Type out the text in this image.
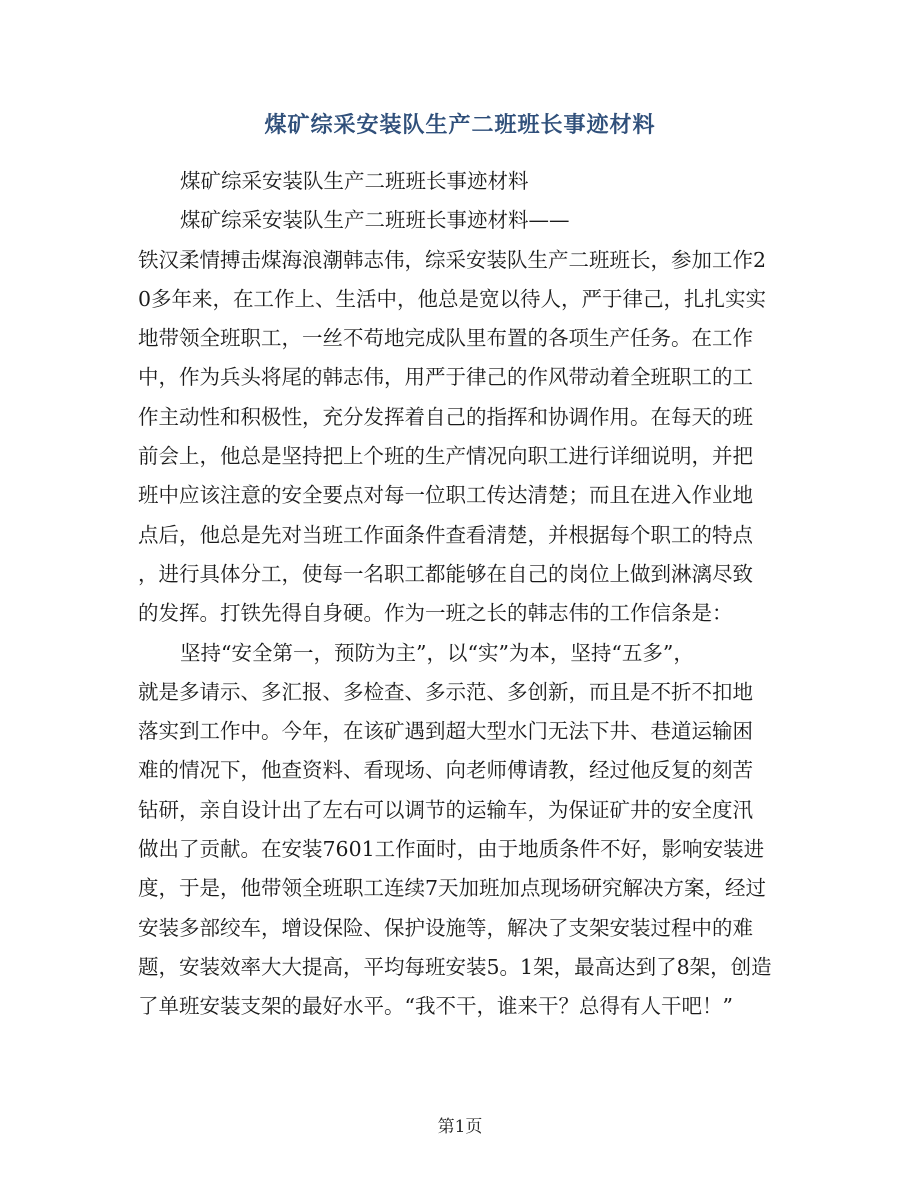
煤矿综采安装队生产二班班长事迹材料
煤矿综采安装队生产二班班长事迹材料
煤矿综采安装队生产二班班长事迹材料——
铁汉柔情搏击煤海浪潮韩志伟，综采安装队生产二班班长，参加工作2
0多年来，在工作上、生活中，他总是宽以待人，严于律己，扎扎实实
地带领全班职工，一丝不苟地完成队里布置的各项生产任务。在工作
中，作为兵头将尾的韩志伟，用严于律己的作风带动着全班职工的工
作主动性和积极性，充分发挥着自己的指挥和协调作用。在每天的班
前会上，他总是坚持把上个班的生产情况向职工进行详细说明，并把
班中应该注意的安全要点对每一位职工传达清楚；而且在进入作业地
点后，他总是先对当班工作面条件查看清楚，并根据每个职工的特点
，进行具体分工，使每一名职工都能够在自己的岗位上做到淋漓尽致
的发挥。打铁先得自身硬。作为一班之长的韩志伟的工作信条是：
坚持“安全第一，预防为主”，以“实”为本，坚持“五多”，
就是多请示、多汇报、多检查、多示范、多创新，而且是不折不扣地
落实到工作中。今年，在该矿遇到超大型水门无法下井、巷道运输困
难的情况下，他查资料、看现场、向老师傅请教，经过他反复的刻苦
钻研，亲自设计出了左右可以调节的运输车，为保证矿井的安全度汛
做出了贡献。在安装7601工作面时，由于地质条件不好，影响安装进
度，于是，他带领全班职工连续7天加班加点现场研究解决方案，经过
安装多部绞车，增设保险、保护设施等，解决了支架安装过程中的难
题，安装效率大大提高，平均每班安装5。1架，最高达到了8架，创造
了单班安装支架的最好水平。“我不干，谁来干？总得有人干吧！”
第1页
